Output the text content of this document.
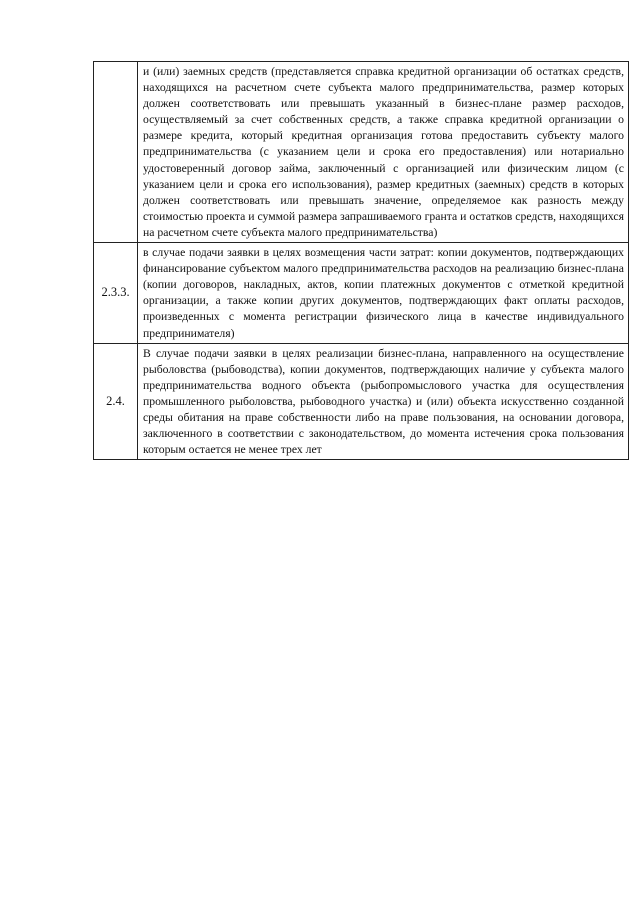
	и (или) заемных средств (представляется справка кредитной организации об остатках средств, находящихся на расчетном счете субъекта малого предпринимательства, размер которых должен соответствовать или превышать указанный в бизнес-плане размер расходов, осуществляемый за счет собственных средств, а также справка кредитной организации о размере кредита, который кредитная организация готова предоставить субъекту малого предпринимательства (с указанием цели и срока его предоставления) или нотариально удостоверенный договор займа, заключенный с организацией или физическим лицом (с указанием цели и срока его использования), размер кредитных (заемных) средств в которых должен соответствовать или превышать значение, определяемое как разность между стоимостью проекта и суммой размера запрашиваемого гранта и остатков средств, находящихся на расчетном счете субъекта малого предпринимательства)

2.3.3.	в случае подачи заявки в целях возмещения части затрат: копии документов, подтверждающих финансирование субъектом малого предпринимательства расходов на реализацию бизнес-плана (копии договоров, накладных, актов, копии платежных документов с отметкой кредитной организации, а также копии других документов, подтверждающих факт оплаты расходов, произведенных с момента регистрации физического лица в качестве индивидуального предпринимателя)

2.4.	В случае подачи заявки в целях реализации бизнес-плана, направленного на осуществление рыболовства (рыбоводства), копии документов, подтверждающих наличие у субъекта малого предпринимательства водного объекта (рыбопромыслового участка для осуществления промышленного рыболовства, рыбоводного участка) и (или) объекта искусственно созданной среды обитания на праве собственности либо на праве пользования, на основании договора, заключенного в соответствии с законодательством, до момента истечения срока пользования которым остается не менее трех лет
